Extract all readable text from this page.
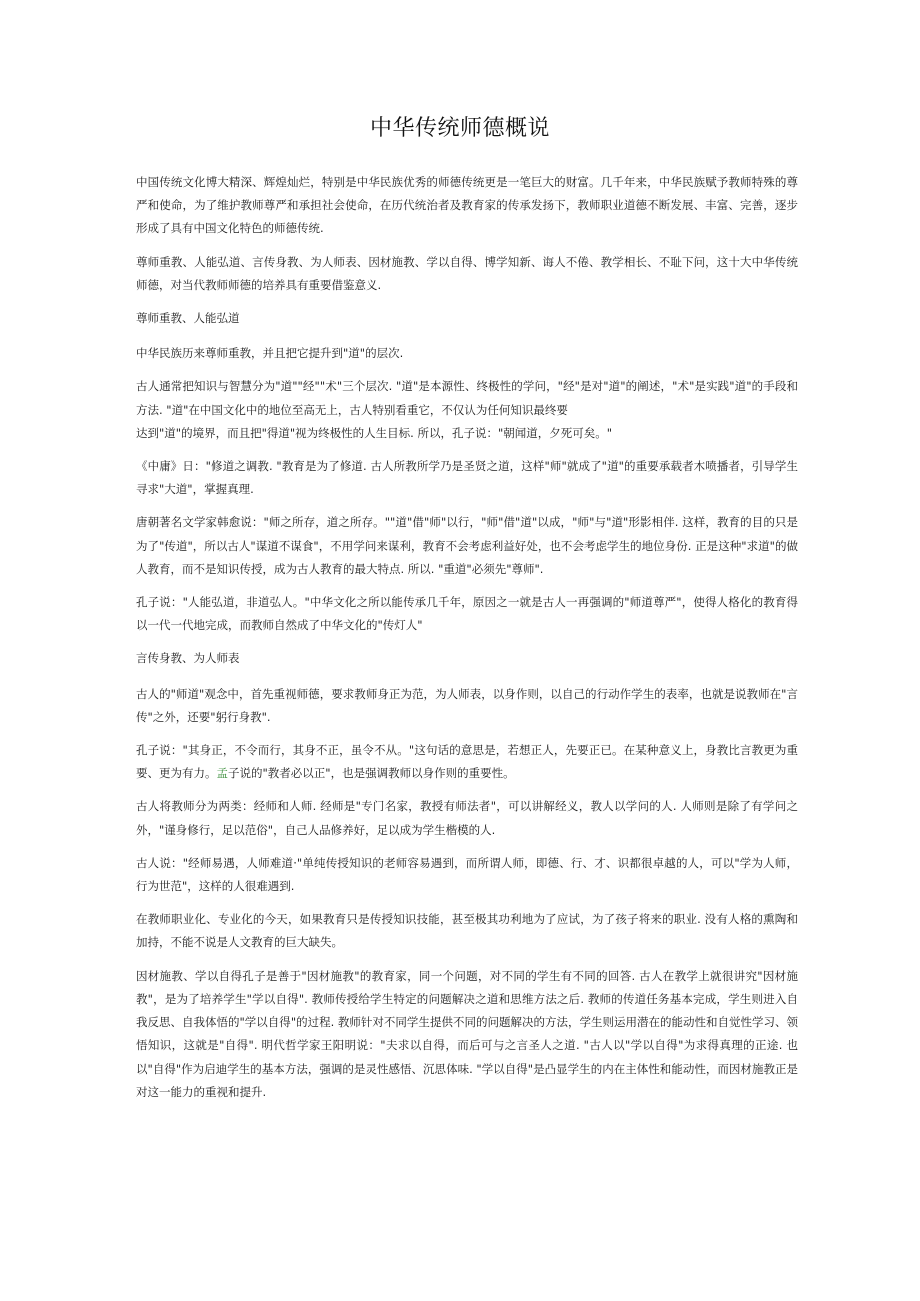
中华传统师德概说

中国传统文化博大精深、辉煌灿烂，特别是中华民族优秀的师德传统更是一笔巨大的财富。几千年来，中华民族赋予教师特殊的尊严和使命，为了维护教师尊严和承担社会使命，在历代统治者及教育家的传承发扬下，教师职业道德不断发展、丰富、完善，逐步形成了具有中国文化特色的师德传统.

尊师重教、人能弘道、言传身教、为人师表、因材施教、学以自得、博学知新、诲人不倦、教学相长、不耻下问，这十大中华传统师德，对当代教师师德的培养具有重要借鉴意义.

尊师重教、人能弘道

中华民族历来尊师重教，并且把它提升到"道"的层次.

古人通常把知识与智慧分为"道""经""术"三个层次. "道"是本源性、终极性的学问，"经"是对"道"的阐述，"术"是实践"道"的手段和方法. "道"在中国文化中的地位至高无上，古人特别看重它，不仅认为任何知识最终要
达到"道"的境界，而且把"得道"视为终极性的人生目标. 所以，孔子说："朝闻道，夕死可矣。"

《中庸》日："修道之调教. "教育是为了修道. 古人所教所学乃是圣贤之道，这样"师"就成了"道"的重要承载者木喷播者，引导学生寻求"大道"，掌握真理.

唐朝著名文学家韩愈说："师之所存，道之所存。""道"借"师"以行，"师"借"道"以成，"师"与"道"形影相伴. 这样，教育的目的只是为了"传道"，所以古人"谋道不谋食"，不用学问来谋利，教育不会考虑利益好处，也不会考虑学生的地位身份. 正是这种"求道"的做人教育，而不是知识传授，成为古人教育的最大特点. 所以. "重道"必须先"尊师".

孔子说："人能弘道，非道弘人。"中华文化之所以能传承几千年，原因之一就是古人一再强调的"师道尊严"，使得人格化的教育得以一代一代地完成，而教师自然成了中华文化的"传灯人"

言传身教、为人师表

古人的"师道"观念中，首先重视师德，要求教师身正为范，为人师表，以身作则，以自己的行动作学生的表率，也就是说教师在"言传"之外，还要"躬行身教".

孔子说："其身正，不令而行，其身不正，虽令不从。"这句话的意思是，若想正人，先要正已。在某种意义上，身教比言教更为重要、更为有力。孟子说的"教者必以正"，也是强调教师以身作则的重要性。

古人将教师分为两类：经师和人师. 经师是"专门名家，教授有师法者"，可以讲解经义，教人以学问的人. 人师则是除了有学问之外，"谨身修行，足以范俗"，自己人品修养好，足以成为学生楷模的人.

古人说："经师易遇，人师难道·"单纯传授知识的老师容易遇到，而所谓人师，即德、行、才、识都很卓越的人，可以"学为人师，行为世范"，这样的人很难遇到.

在教师职业化、专业化的今天，如果教育只是传授知识技能，甚至极其功利地为了应试，为了孩子将来的职业. 没有人格的熏陶和加持，不能不说是人文教育的巨大缺失。

因材施教、学以自得孔子是善于"因材施教"的教育家，同一个问题，对不同的学生有不同的回答. 古人在教学上就很讲究"因材施教"，是为了培养学生"学以自得". 教师传授给学生特定的问题解决之道和思维方法之后. 教师的传道任务基本完成，学生则进入自我反思、自我体悟的"学以自得"的过程. 教师针对不同学生提供不同的问题解决的方法，学生则运用潜在的能动性和自觉性学习、领悟知识，这就是"自得". 明代哲学家王阳明说："夫求以自得，而后可与之言圣人之道. "古人以"学以自得"为求得真理的正途. 也以"自得"作为启迪学生的基本方法，强调的是灵性感悟、沉思体味. "学以自得"是凸显学生的内在主体性和能动性，而因材施教正是对这一能力的重视和提升.
